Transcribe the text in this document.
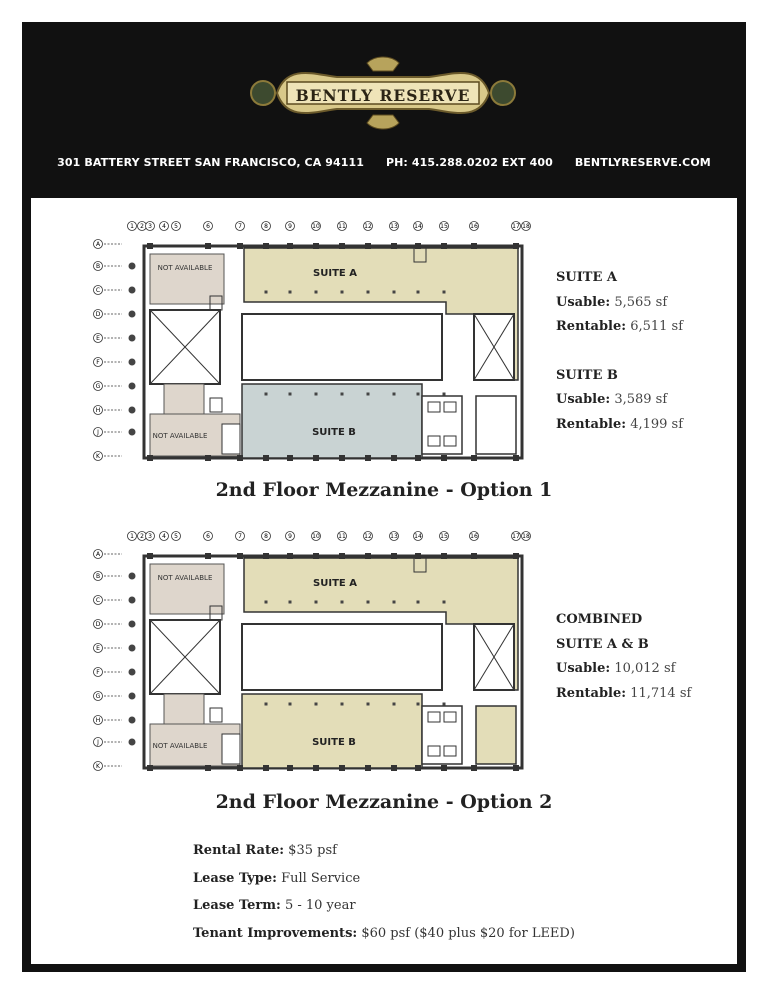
BENTLY RESERVE
301 BATTERY STREET SAN FRANCISCO, CA 94111 PH: 415.288.0202 EXT 400 BENTLYRESERVE.COM
1 2 3 4 5	6	7	8	9	10	11	12	13	14	15	16	17 18
A
B
C
D
E
F
G
H
J
K
NOT AVAILABLE
NOT AVAILABLE
SUITE A
SUITE B
2nd Floor Mezzanine - Option 1
SUITE A
Usable: 5,565 sf
Rentable: 6,511 sf
SUITE B
Usable: 3,589 sf
Rentable: 4,199 sf
1 2 3 4 5	6	7	8	9	10	11	12	13	14	15	16	17 18
A
B
C
D
E
F
G
H
J
K
NOT AVAILABLE
NOT AVAILABLE
SUITE A
SUITE B
2nd Floor Mezzanine - Option 2
COMBINED
SUITE A & B
Usable: 10,012 sf
Rentable: 11,714 sf
Rental Rate: $35 psf
Lease Type: Full Service
Lease Term: 5 - 10 year
Tenant Improvements: $60 psf ($40 plus $20 for LEED)
